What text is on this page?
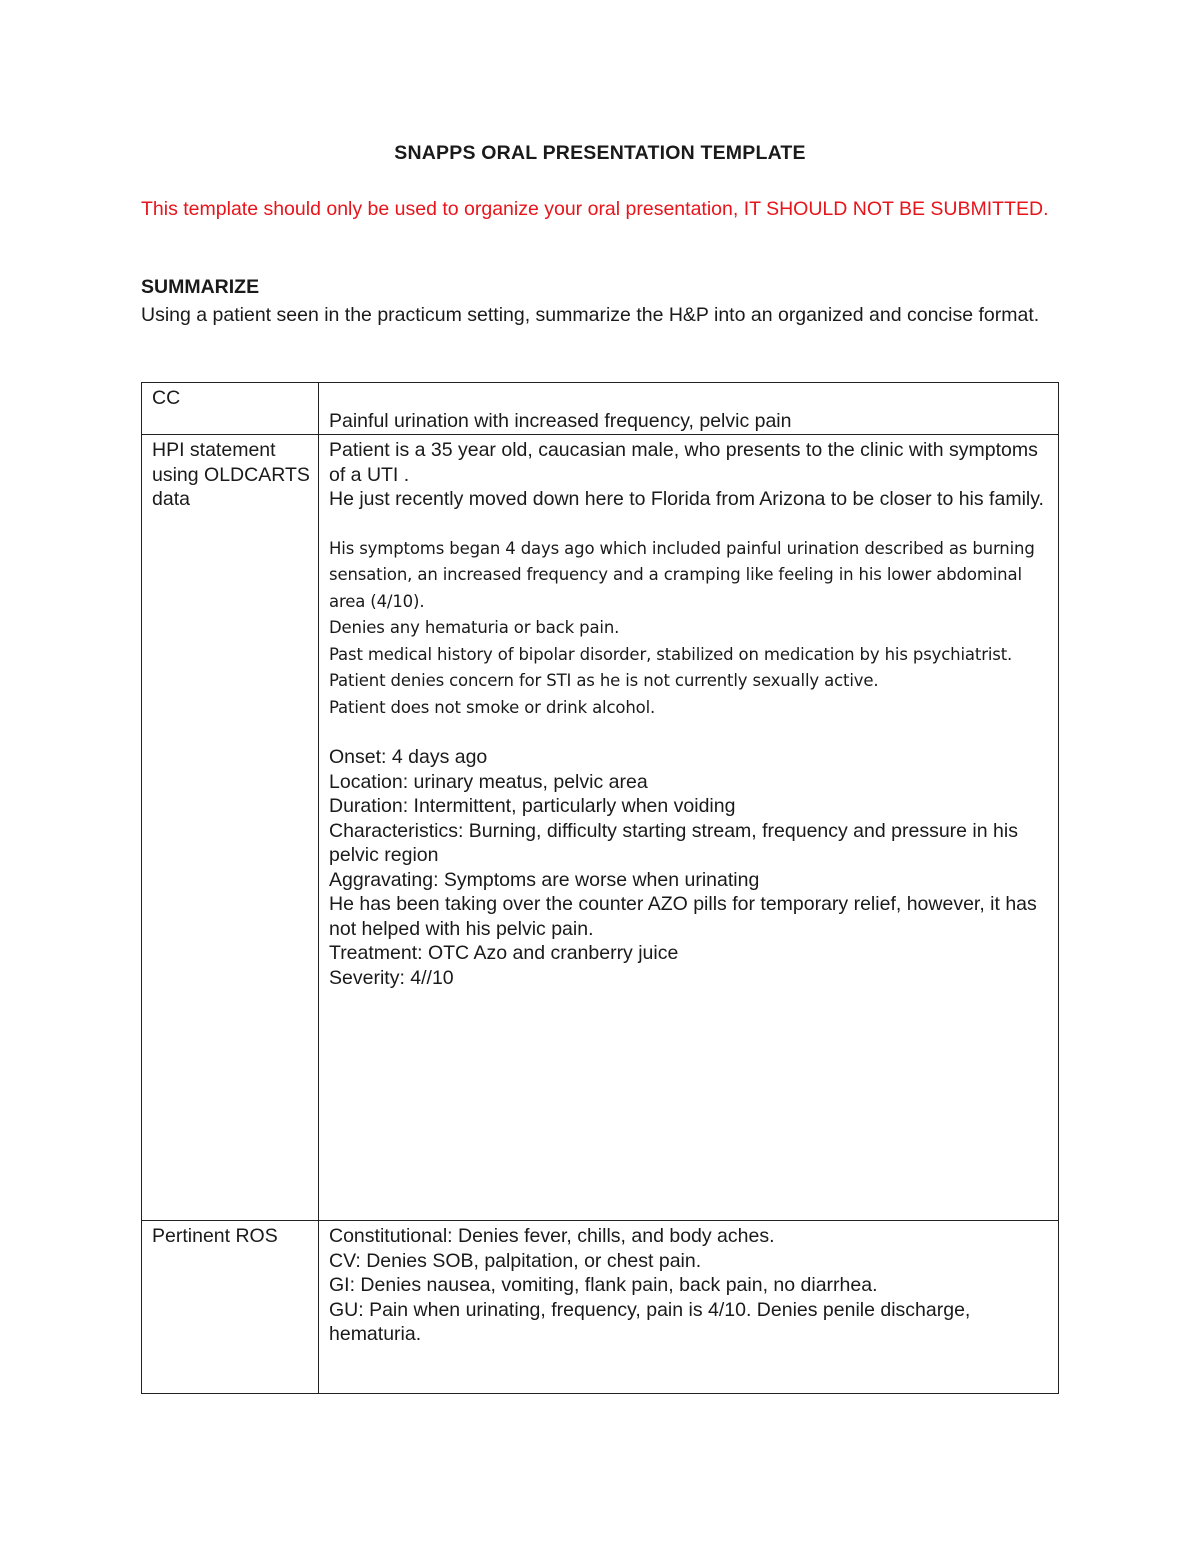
SNAPPS ORAL PRESENTATION TEMPLATE
This template should only be used to organize your oral presentation, IT SHOULD NOT BE SUBMITTED.
SUMMARIZE
Using a patient seen in the practicum setting, summarize the H&P into an organized and concise format.
CC
Painful urination with increased frequency, pelvic pain
HPI statement using OLDCARTS data
Patient is a 35 year old, caucasian male, who presents to the clinic with symptoms of a UTI .
He just recently moved down here to Florida from Arizona to be closer to his family.
His symptoms began 4 days ago which included painful urination described as burning sensation, an increased frequency and a cramping like feeling in his lower abdominal area (4/10).
Denies any hematuria or back pain.
Past medical history of bipolar disorder, stabilized on medication by his psychiatrist.
Patient denies concern for STI as he is not currently sexually active.
Patient does not smoke or drink alcohol.
Onset: 4 days ago
Location: urinary meatus, pelvic area
Duration: Intermittent, particularly when voiding
Characteristics: Burning, difficulty starting stream, frequency and pressure in his pelvic region
Aggravating: Symptoms are worse when urinating
He has been taking over the counter AZO pills for temporary relief, however, it has not helped with his pelvic pain.
Treatment: OTC Azo and cranberry juice
Severity: 4//10
Pertinent ROS	Constitutional: Denies fever, chills, and body aches.
CV: Denies SOB, palpitation, or chest pain.
GI: Denies nausea, vomiting, flank pain, back pain, no diarrhea.
GU: Pain when urinating, frequency, pain is 4/10. Denies penile discharge, hematuria.
